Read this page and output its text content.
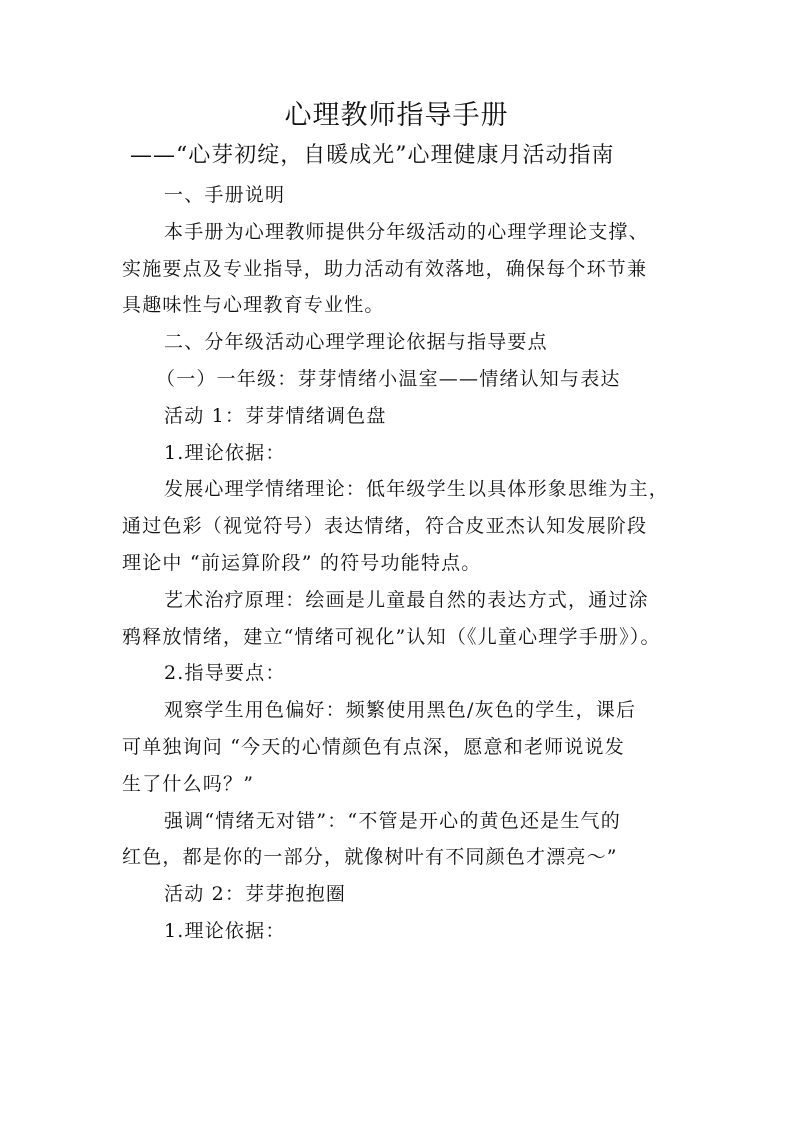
心理教师指导手册

——“心芽初绽，自暖成光”心理健康月活动指南

一、手册说明

本手册为心理教师提供分年级活动的心理学理论支撑、

实施要点及专业指导，助力活动有效落地，确保每个环节兼

具趣味性与心理教育专业性。

二、分年级活动心理学理论依据与指导要点

（一）一年级：芽芽情绪小温室——情绪认知与表达

活动 1：芽芽情绪调色盘

1.理论依据：

发展心理学情绪理论：低年级学生以具体形象思维为主，

通过色彩（视觉符号）表达情绪，符合皮亚杰认知发展阶段

理论中 “前运算阶段” 的符号功能特点。

艺术治疗原理：绘画是儿童最自然的表达方式，通过涂

鸦释放情绪，建立“情绪可视化”认知（《儿童心理学手册》）。

2.指导要点：

观察学生用色偏好：频繁使用黑色/灰色的学生，课后

可单独询问 “今天的心情颜色有点深，愿意和老师说说发

生了什么吗？”

强调“情绪无对错”：“不管是开心的黄色还是生气的

红色，都是你的一部分，就像树叶有不同颜色才漂亮～”

活动 2：芽芽抱抱圈

1.理论依据：
